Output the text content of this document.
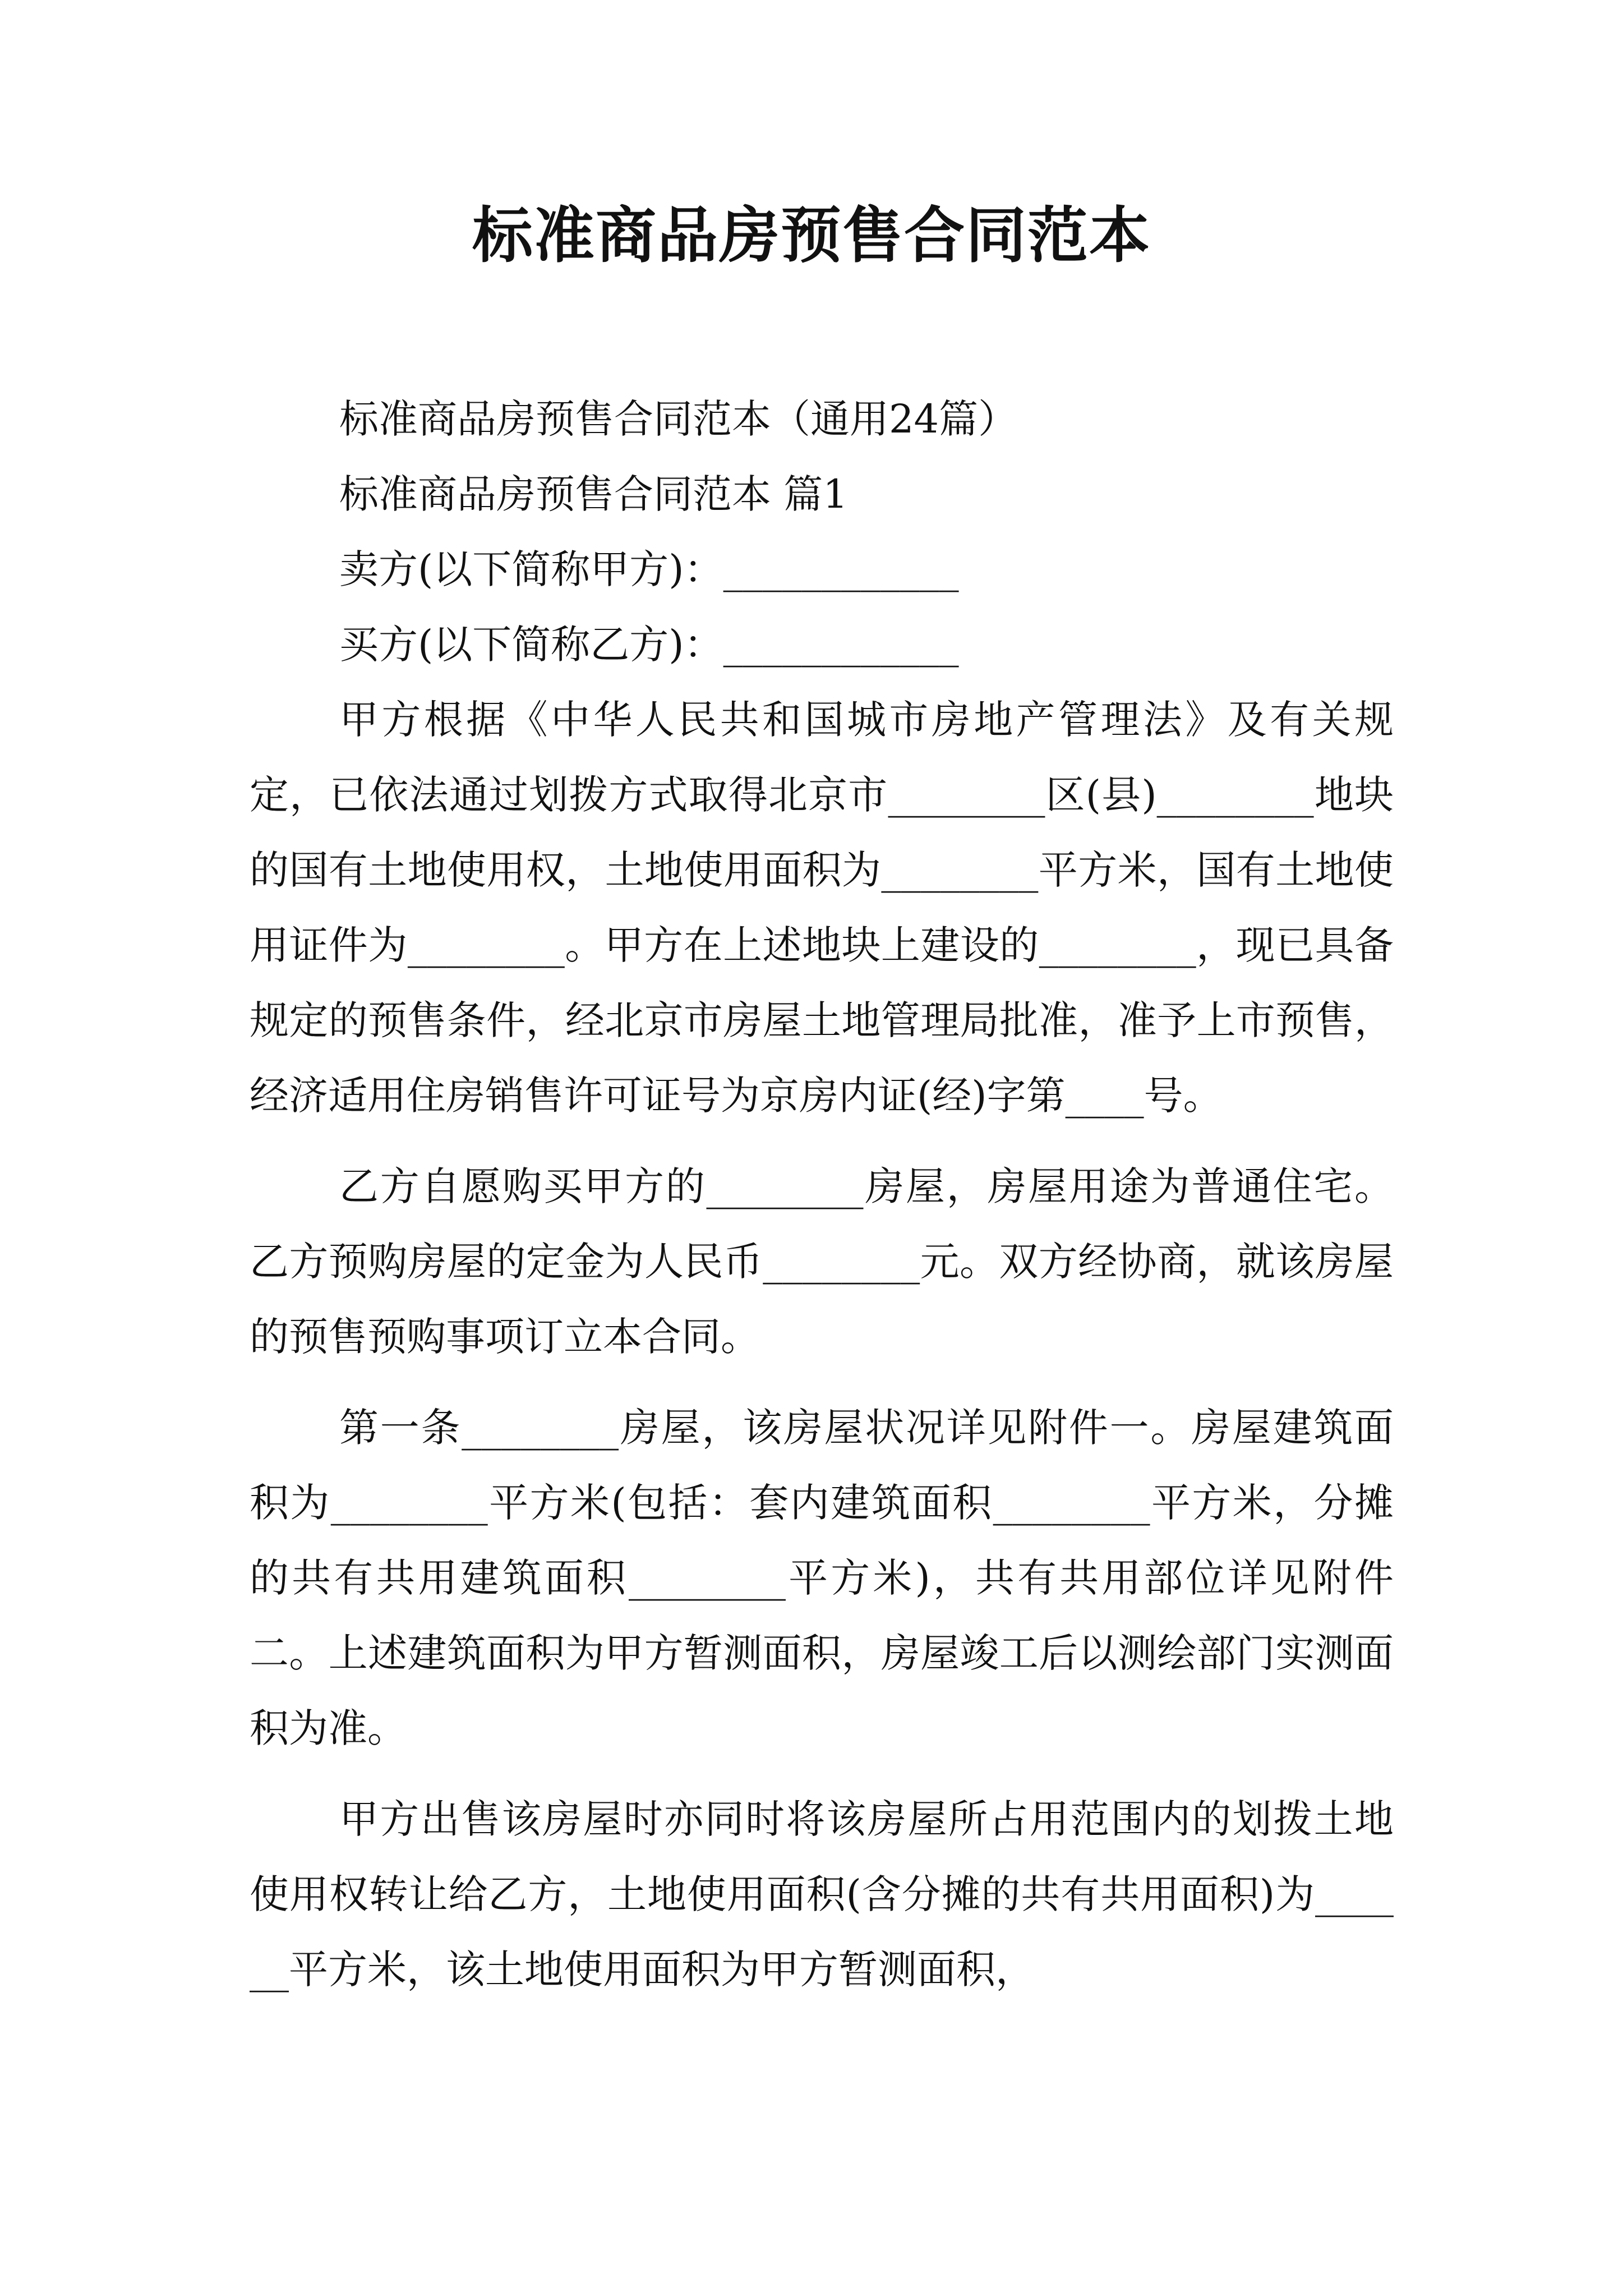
标准商品房预售合同范本

标准商品房预售合同范本（通用24篇）

标准商品房预售合同范本 篇1

卖方(以下简称甲方)：____________

买方(以下简称乙方)：____________

甲方根据《中华人民共和国城市房地产管理法》及有关规定，已依法通过划拨方式取得北京市________区(县)________地块的国有土地使用权，土地使用面积为________平方米，国有土地使用证件为________。甲方在上述地块上建设的________，现已具备规定的预售条件，经北京市房屋土地管理局批准，准予上市预售，经济适用住房销售许可证号为京房内证(经)字第____号。

乙方自愿购买甲方的________房屋，房屋用途为普通住宅。乙方预购房屋的定金为人民币________元。双方经协商，就该房屋的预售预购事项订立本合同。

第一条________房屋，该房屋状况详见附件一。房屋建筑面积为________平方米(包括：套内建筑面积________平方米，分摊的共有共用建筑面积________平方米)，共有共用部位详见附件二。上述建筑面积为甲方暂测面积，房屋竣工后以测绘部门实测面积为准。

甲方出售该房屋时亦同时将该房屋所占用范围内的划拨土地使用权转让给乙方，土地使用面积(含分摊的共有共用面积)为______平方米，该土地使用面积为甲方暂测面积，
